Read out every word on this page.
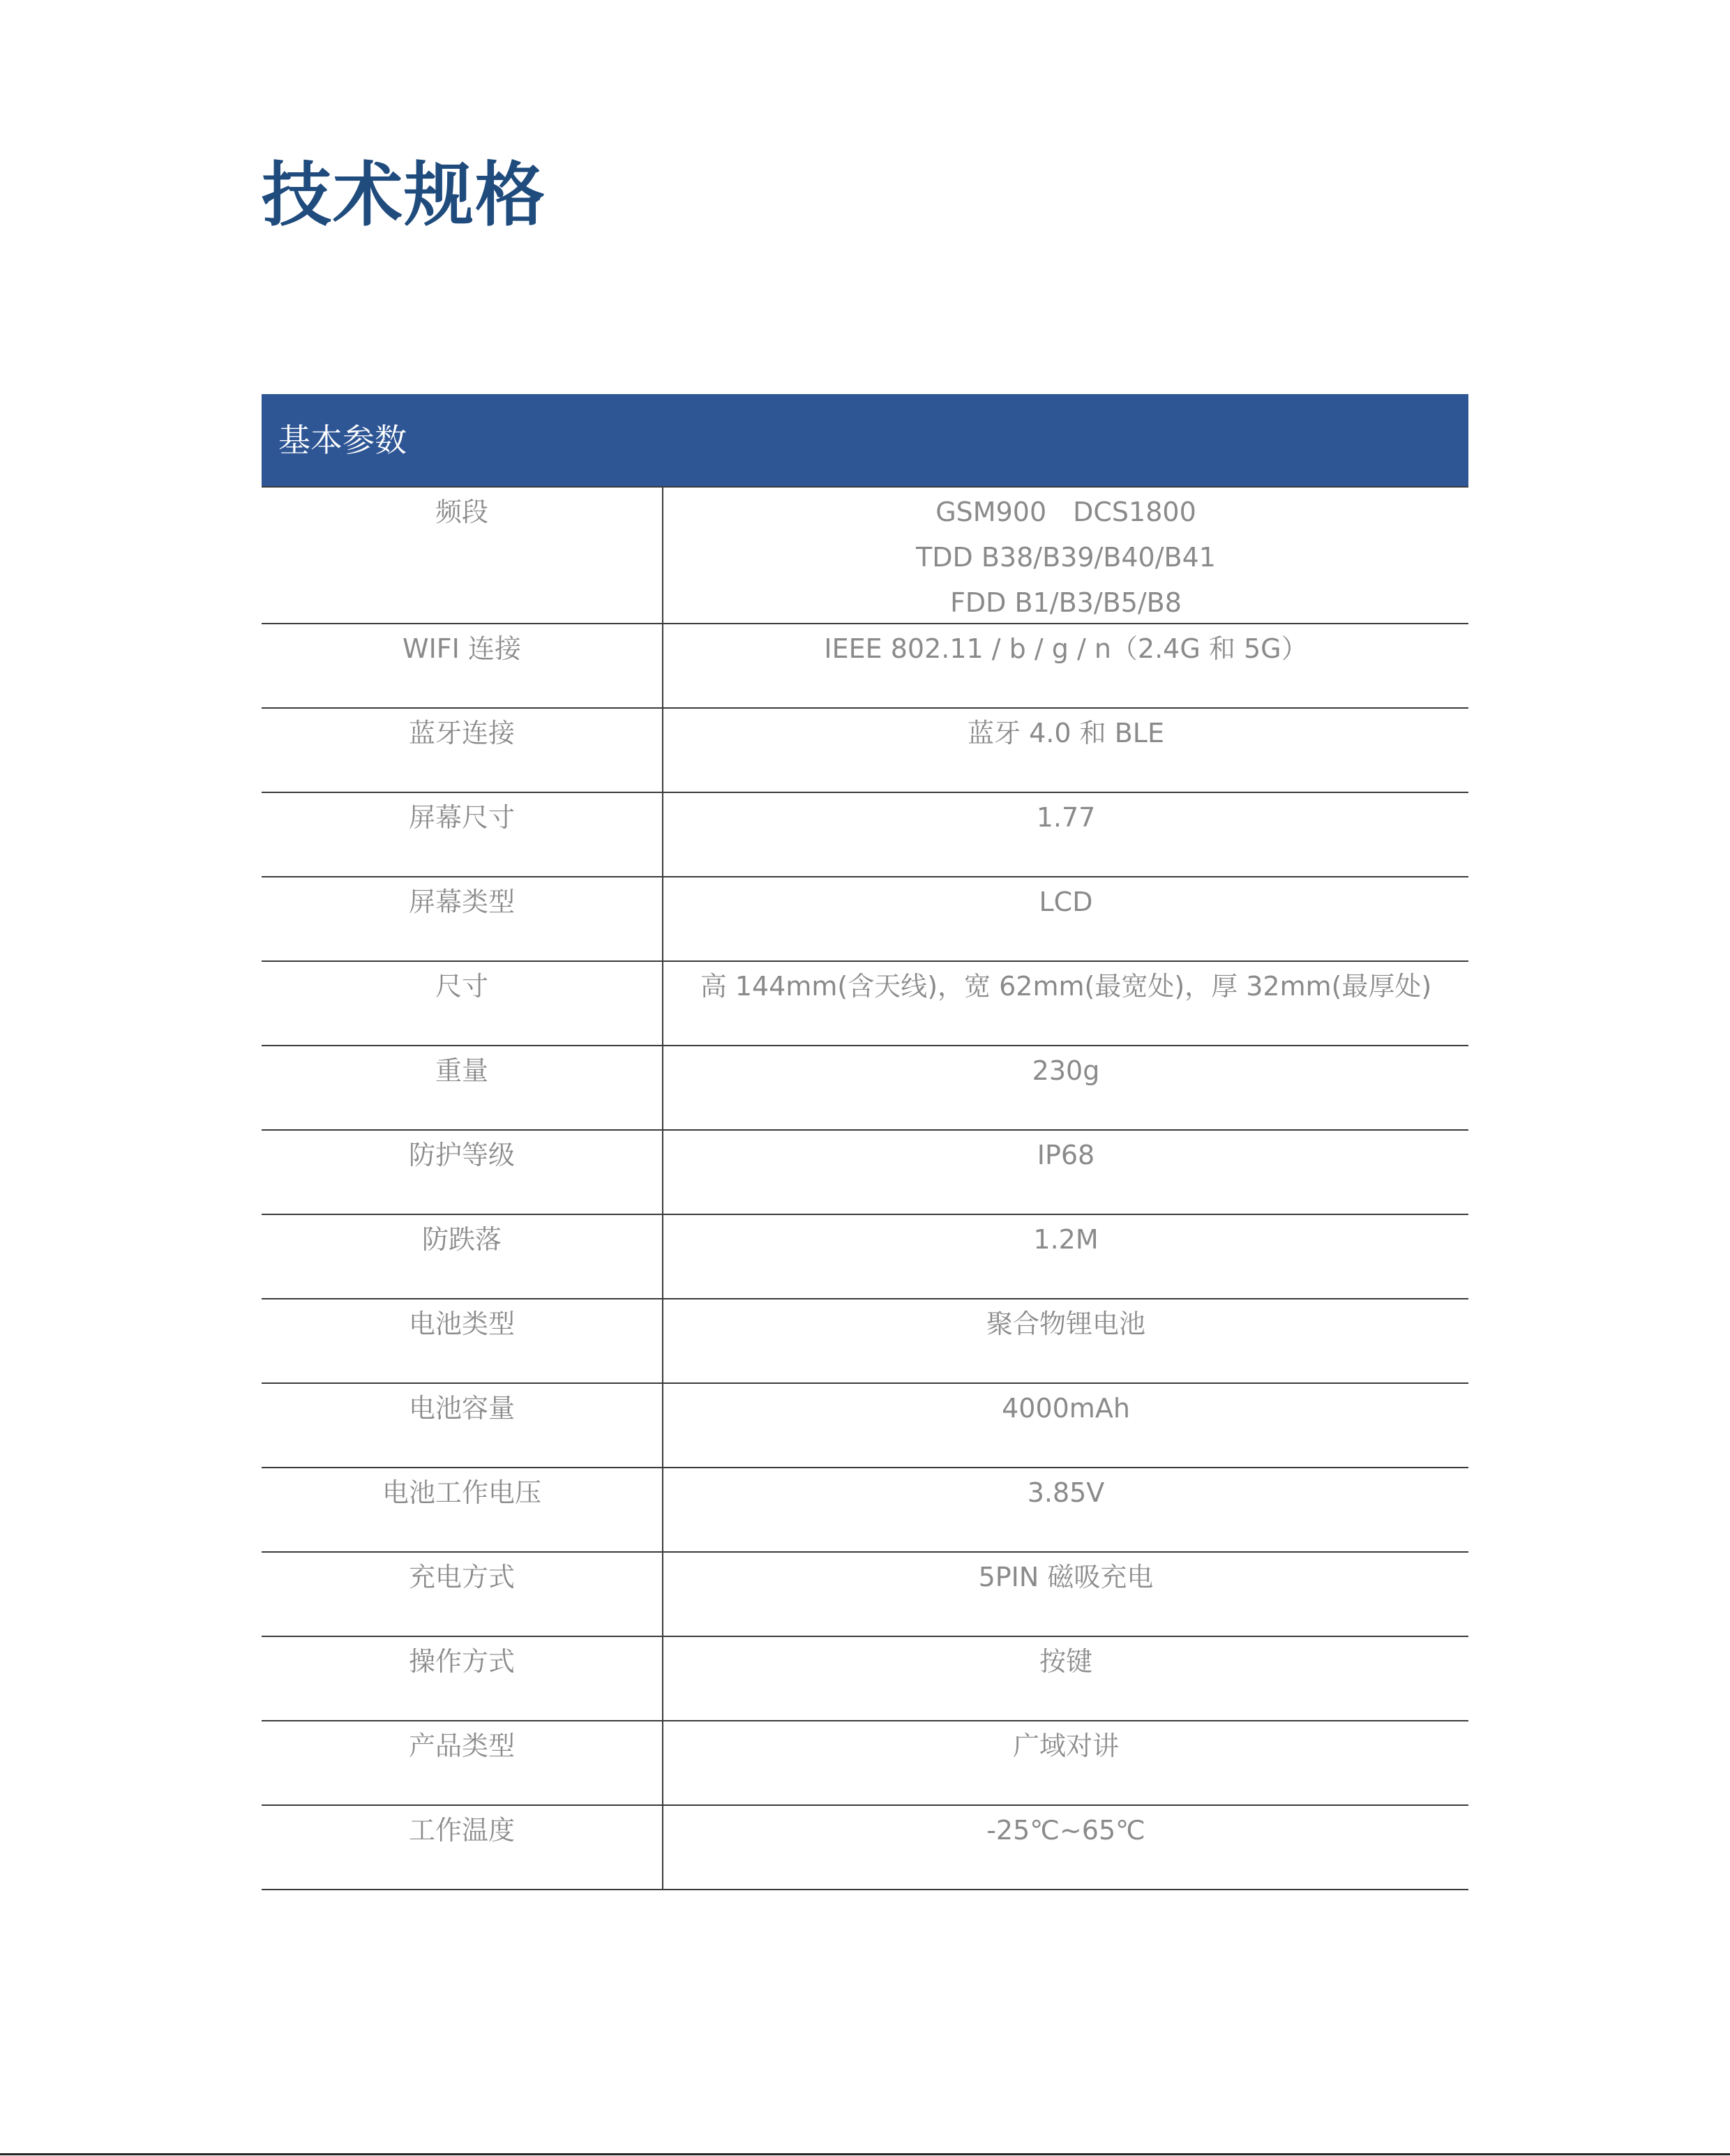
技术规格
基本参数
频段	GSM900　DCS1800
TDD B38/B39/B40/B41
FDD B1/B3/B5/B8
WIFI 连接	IEEE 802.11 / b / g / n（2.4G 和 5G）
蓝牙连接	蓝牙 4.0 和 BLE
屏幕尺寸	1.77
屏幕类型	LCD
尺寸	高 144mm(含天线)，宽 62mm(最宽处)，厚 32mm(最厚处)
重量	230g
防护等级	IP68
防跌落	1.2M
电池类型	聚合物锂电池
电池容量	4000mAh
电池工作电压	3.85V
充电方式	5PIN 磁吸充电
操作方式	按键
产品类型	广域对讲
工作温度	-25℃~65℃
